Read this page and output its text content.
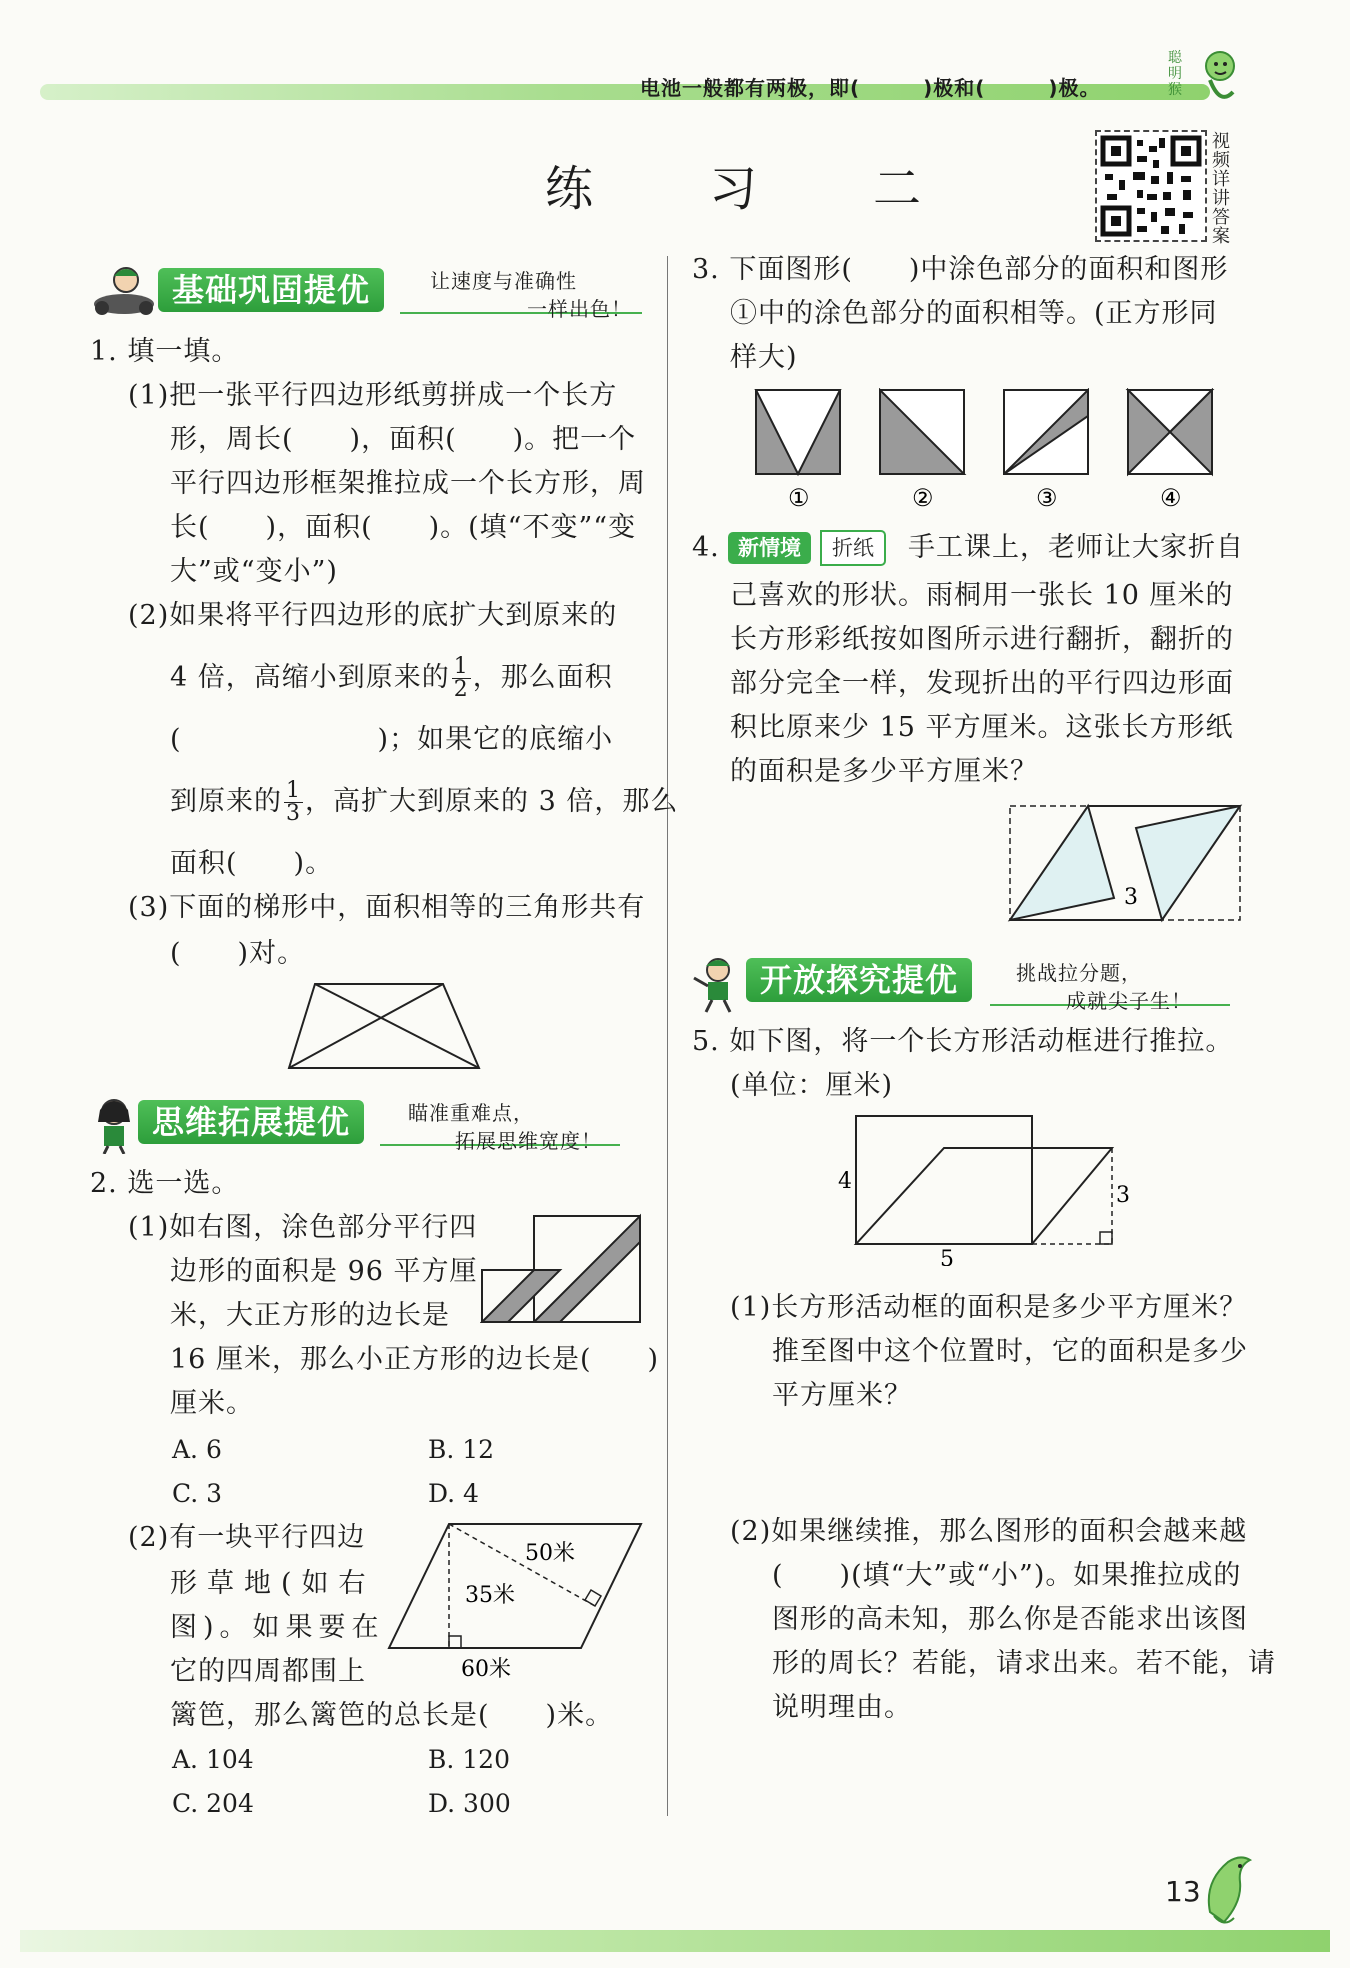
电池一般都有两极，即(　　　)极和(　　　)极。
聪明猴
练　习　二
视频详讲答案
基础巩固提优	让速度与准确性
一样出色！
1. 填一填。
(1)把一张平行四边形纸剪拼成一个长方
形，周长(　　)，面积(　　)。把一个
平行四边形框架推拉成一个长方形，周
长(　　)，面积(　　)。(填“不变”“变
大”或“变小”)
(2)如果将平行四边形的底扩大到原来的
4 倍，高缩小到原来的 $\frac{1}{2}$ ，那么面积
(　　　　　　　)；如果它的底缩小
到原来的 $\frac{1}{3}$ ，高扩大到原来的 3 倍，那么
面积(　　)。
(3)下面的梯形中，面积相等的三角形共有
(　　)对。
思维拓展提优	瞄准重难点，
拓展思维宽度！
2. 选一选。
(1)如右图，涂色部分平行四
边形的面积是 96 平方厘
米，大正方形的边长是
16 厘米，那么小正方形的边长是(　　)
厘米。
A. 6	B. 12
C. 3	D. 4
(2)有一块平行四边
形草地(如右
图)。如果要在
它的四周都围上
篱笆，那么篱笆的总长是(　　)米。
50米
35米
60米
A. 104	B. 120
C. 204	D. 300
3. 下面图形(　　)中涂色部分的面积和图形
①中的涂色部分的面积相等。(正方形同
样大)
①	②	③	④
4. 新情境	折纸	手工课上，老师让大家折自
己喜欢的形状。雨桐用一张长 10 厘米的
长方形彩纸按如图所示进行翻折，翻折的
部分完全一样，发现折出的平行四边形面
积比原来少 15 平方厘米。这张长方形纸
的面积是多少平方厘米？
3
开放探究提优	挑战拉分题，
成就尖子生！
5. 如下图，将一个长方形活动框进行推拉。
(单位：厘米)
4
3
5
(1)长方形活动框的面积是多少平方厘米？
推至图中这个位置时，它的面积是多少
平方厘米？
(2)如果继续推，那么图形的面积会越来越
(　　)(填“大”或“小”)。如果推拉成的
图形的高未知，那么你是否能求出该图
形的周长？若能，请求出来。若不能，请
说明理由。
13
